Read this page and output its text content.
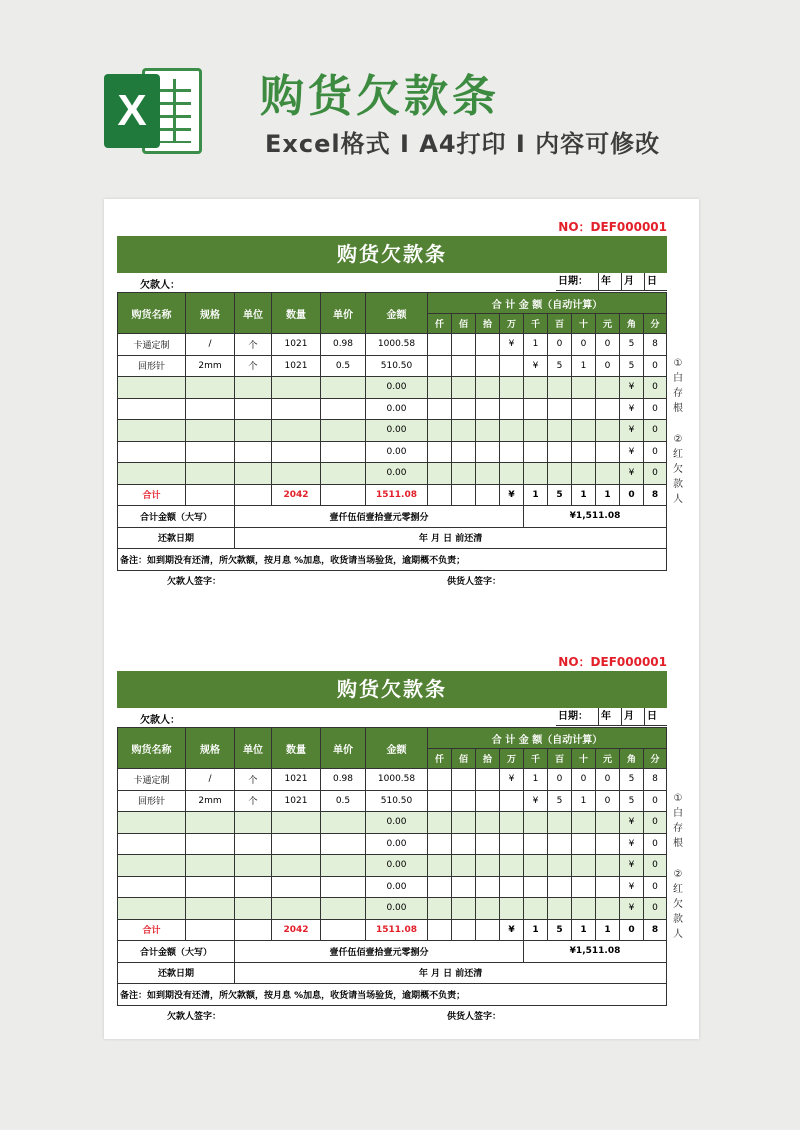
X	购货欠款条
Excel格式 I A4打印 I 内容可修改
NO：DEF000001
购货欠款条
欠款人：	日期：	年	月	日
购货名称	规格	单位	数量	单价	金额	合 计 金 额（自动计算）									
						仟	佰	拾	万	千	百	十	元	角	分
卡通定制	/	个	1021	0.98	1000.58				¥	1	0	0	0	5	8
回形针	2mm	个	1021	0.5	510.50					¥	5	1	0	5	0
					0.00									¥	0
					0.00									¥	0
					0.00									¥	0
					0.00									¥	0
					0.00									¥	0
合计			2042		1511.08				¥	1	5	1	1	0	8
合计金额（大写）		壹仟伍佰壹拾壹元零捌分								¥1,511.08					
还款日期		年 月 日 前还清													
备注：如到期没有还清，所欠款额，按月息 %加息，收货请当场验货，逾期概不负责；															
欠款人签字：	供货人签字：
①
白
存
根
②
红
欠
款
人
NO：DEF000001
购货欠款条
欠款人：	日期：	年	月	日
购货名称	规格	单位	数量	单价	金额	合 计 金 额（自动计算）									
						仟	佰	拾	万	千	百	十	元	角	分
卡通定制	/	个	1021	0.98	1000.58				¥	1	0	0	0	5	8
回形针	2mm	个	1021	0.5	510.50					¥	5	1	0	5	0
					0.00									¥	0
					0.00									¥	0
					0.00									¥	0
					0.00									¥	0
					0.00									¥	0
合计			2042		1511.08				¥	1	5	1	1	0	8
合计金额（大写）		壹仟伍佰壹拾壹元零捌分								¥1,511.08					
还款日期		年 月 日 前还清													
备注：如到期没有还清，所欠款额，按月息 %加息，收货请当场验货，逾期概不负责；															
欠款人签字：	供货人签字：
①
白
存
根
②
红
欠
款
人
